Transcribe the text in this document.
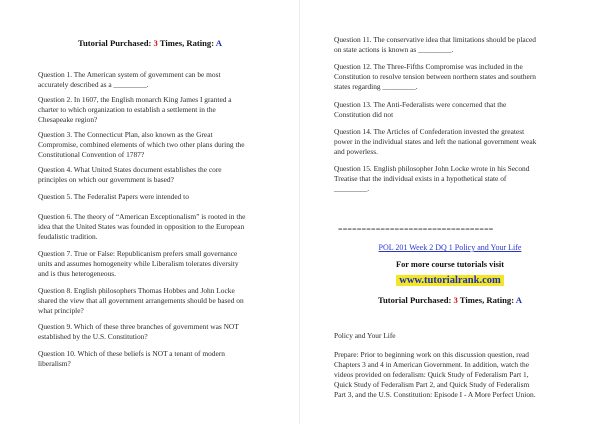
Tutorial Purchased: 3 Times, Rating: A

Question 1. The American system of government can be most

accurately described as a _________.

Question 2. In 1607, the English monarch King James I granted a

charter to which organization to establish a settlement in the

Chesapeake region?

Question 3. The Connecticut Plan, also known as the Great

Compromise, combined elements of which two other plans during the

Constitutional Convention of 1787?

Question 4. What United States document establishes the core

principles on which our government is based?

Question 5. The Federalist Papers were intended to

Question 6. The theory of “American Exceptionalism” is rooted in the

idea that the United States was founded in opposition to the European

feudalistic tradition.

Question 7. True or False: Republicanism prefers small governance

units and assumes homogeneity while Liberalism tolerates diversity

and is thus heterogeneous.

Question 8. English philosophers Thomas Hobbes and John Locke

shared the view that all government arrangements should be based on

what principle?

Question 9. Which of these three branches of government was NOT

established by the U.S. Constitution?

Question 10. Which of these beliefs is NOT a tenant of modern

liberalism?

Question 11. The conservative idea that limitations should be placed

on state actions is known as _________.

Question 12. The Three-Fifths Compromise was included in the

Constitution to resolve tension between northern states and southern

states regarding _________.

Question 13. The Anti-Federalists were concerned that the

Constitution did not

Question 14. The Articles of Confederation invested the greatest

power in the individual states and left the national government weak

and powerless.

Question 15. English philosopher John Locke wrote in his Second

Treatise that the individual exists in a hypothetical state of

_________.

=================================
POL 201 Week 2 DQ 1 Policy and Your Life
For more course tutorials visit
www.tutorialrank.com
Tutorial Purchased: 3 Times, Rating: A
Policy and Your Life

Prepare: Prior to beginning work on this discussion question, read

Chapters 3 and 4 in American Government. In addition, watch the

videos provided on federalism: Quick Study of Federalism Part 1,

Quick Study of Federalism Part 2, and Quick Study of Federalism

Part 3, and the U.S. Constitution: Episode I - A More Perfect Union.
